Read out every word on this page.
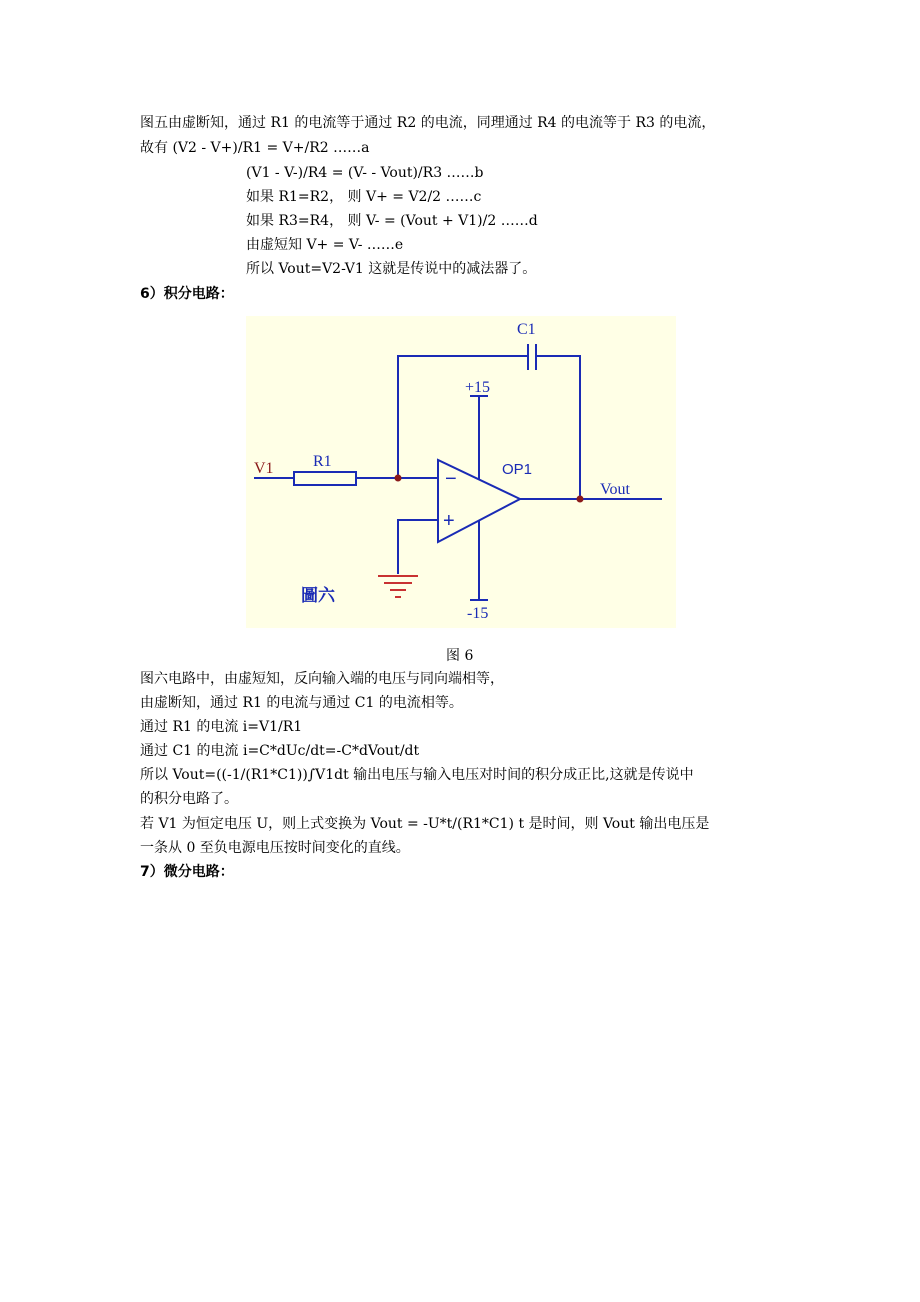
图五由虚断知，通过 R1 的电流等于通过 R2 的电流，同理通过 R4 的电流等于 R3 的电流，
故有 (V2 - V+)/R1 = V+/R2 ……a
(V1 - V-)/R4 = (V- - Vout)/R3 ……b
如果 R1=R2， 则 V+ = V2/2 ……c
如果 R3=R4， 则 V- = (Vout + V1)/2 ……d
由虚短知 V+ = V- ……e
所以 Vout=V2-V1 这就是传说中的减法器了。
6）积分电路：
C1
+15
R1
-15
Vout
V1	OP1
−
+
圖六
图 6
图六电路中，由虚短知，反向输入端的电压与同向端相等，
由虚断知，通过 R1 的电流与通过 C1 的电流相等。
通过 R1 的电流 i=V1/R1
通过 C1 的电流 i=C*dUc/dt=-C*dVout/dt
所以 Vout=((-1/(R1*C1))∫V1dt 输出电压与输入电压对时间的积分成正比,这就是传说中
的积分电路了。
若 V1 为恒定电压 U，则上式变换为 Vout = -U*t/(R1*C1) t 是时间，则 Vout 输出电压是
一条从 0 至负电源电压按时间变化的直线。
7）微分电路：
